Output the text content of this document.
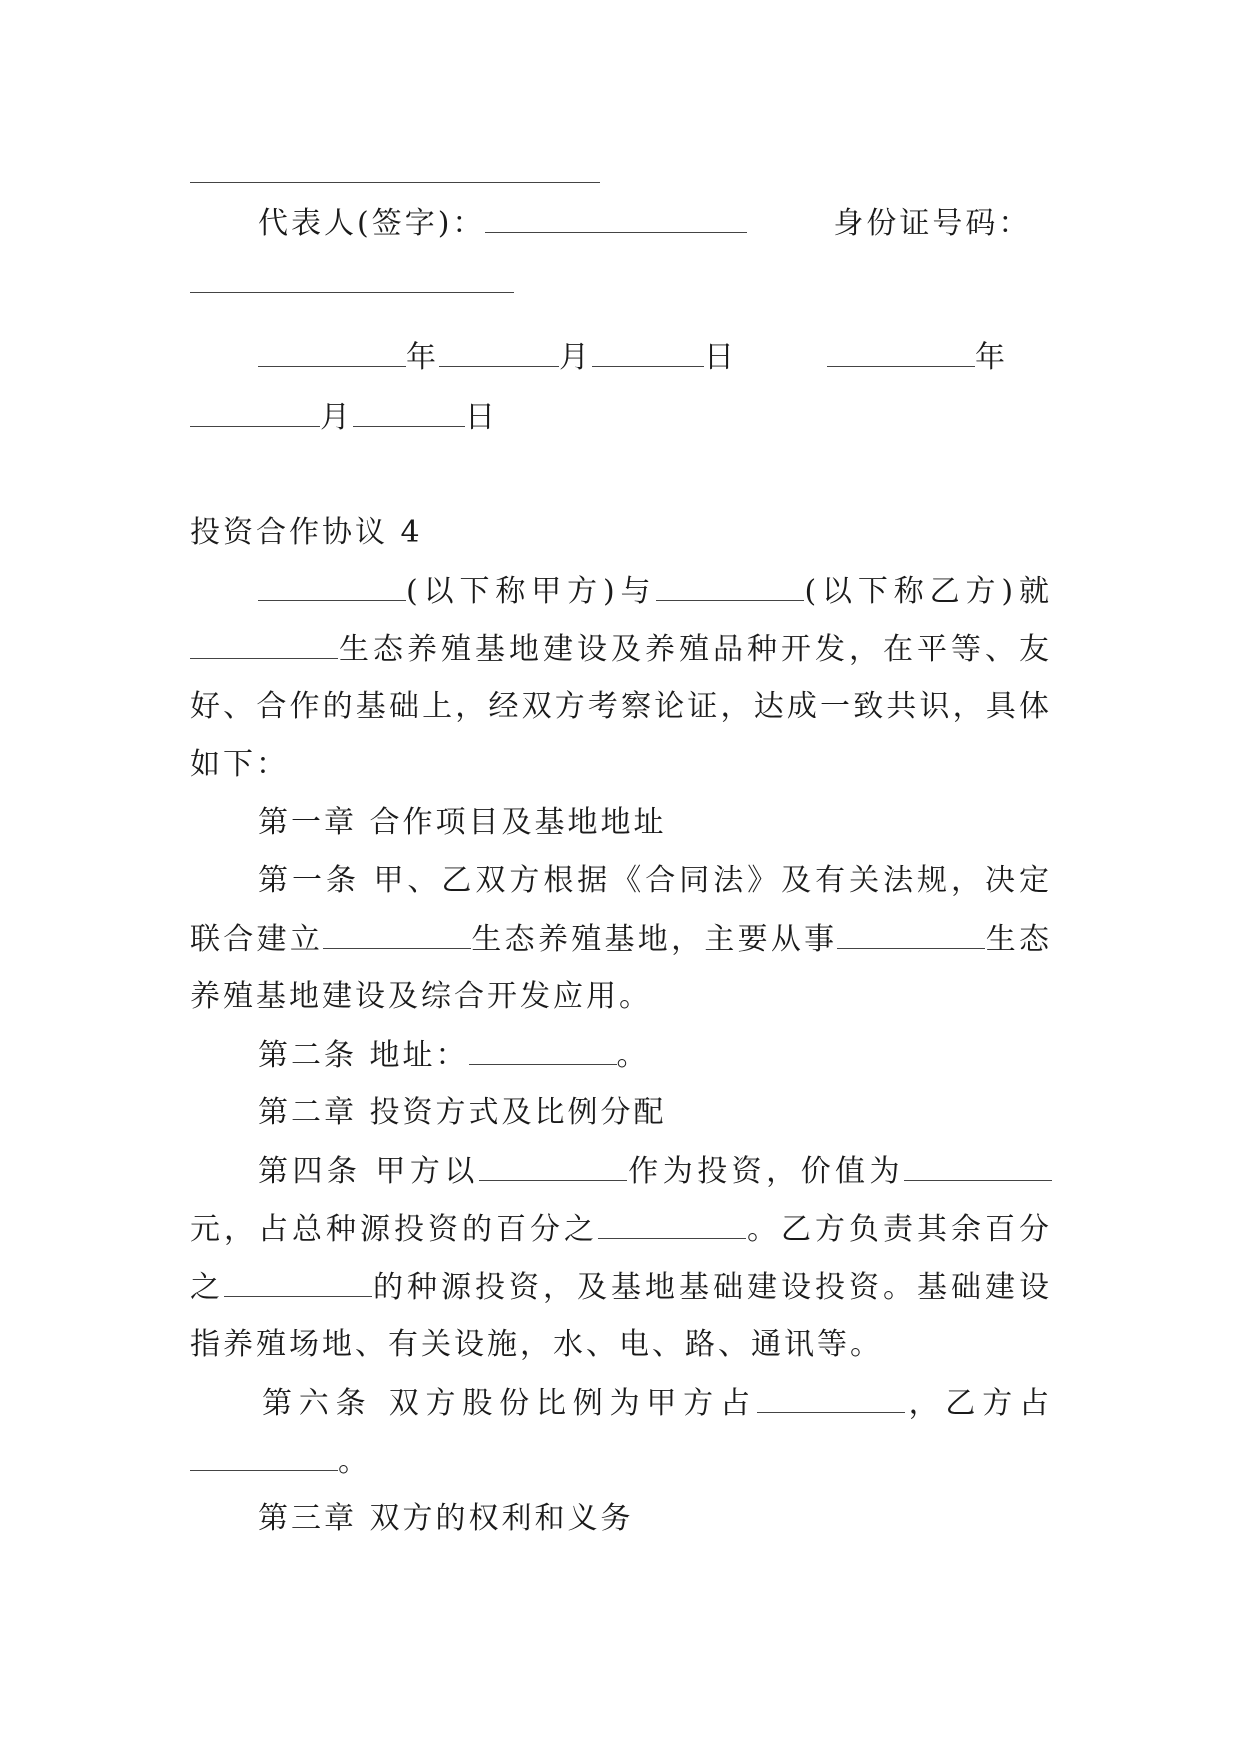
代表人(签字)：	身份证号码：
年	月	日	年
月	日
投资合作协议 4
(以下称甲方)与	(以下称乙方)就
生态养殖基地建设及养殖品种开发，在平等、友
好、合作的基础上，经双方考察论证，达成一致共识，具体
如下：
第一章 合作项目及基地地址
第一条 甲、乙双方根据《合同法》及有关法规，决定
联合建立	生态养殖基地，主要从事	生态
养殖基地建设及综合开发应用。
第二条 地址：	。
第二章 投资方式及比例分配
第四条 甲方以	作为投资，价值为
元，占总种源投资的百分之	。乙方负责其余百分
之	的种源投资，及基地基础建设投资。基础建设
指养殖场地、有关设施，水、电、路、通讯等。
第六条 双方股份比例为甲方占	，乙方占
。
第三章 双方的权利和义务
